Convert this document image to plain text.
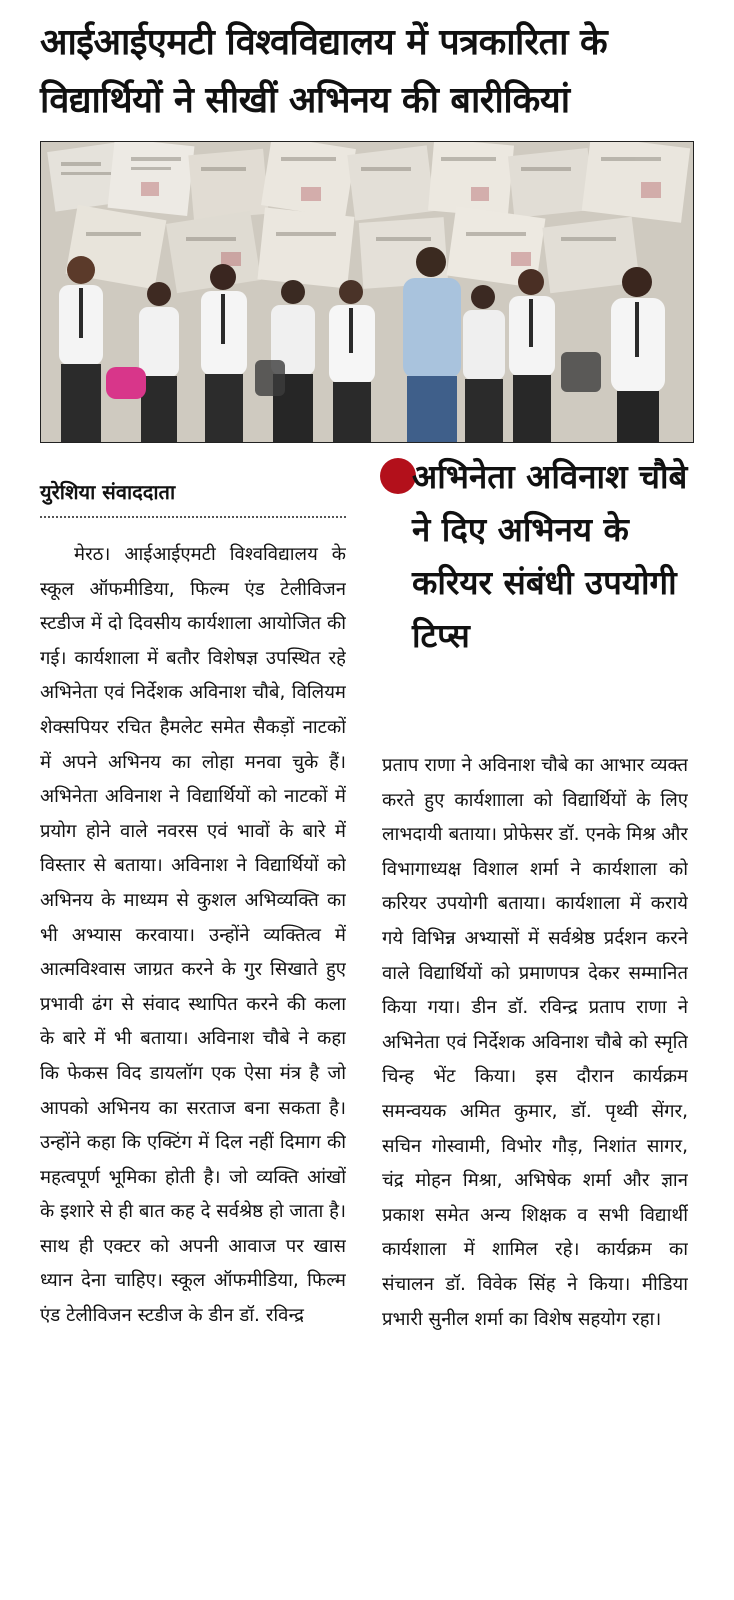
आईआईएमटी विश्वविद्यालय में पत्रकारिता के विद्यार्थियों ने सीखीं अभिनय की बारीकियां

युरेशिया संवाददाता	अभिनेता अविनाश चौबे ने दिए अभिनय के करियर संबंधी उपयोगी टिप्स

मेरठ। आईआईएमटी विश्वविद्यालय के स्कूल ऑफमीडिया, फिल्म एंड टेलीविजन स्टडीज में दो दिवसीय कार्यशाला आयोजित की गई। कार्यशाला में बतौर विशेषज्ञ उपस्थित रहे अभिनेता एवं निर्देशक अविनाश चौबे, विलियम शेक्सपियर रचित हैमलेट समेत सैकड़ों नाटकों में अपने अभिनय का लोहा मनवा चुके हैं। अभिनेता अविनाश ने विद्यार्थियों को नाटकों में प्रयोग होने वाले नवरस एवं भावों के बारे में विस्तार से बताया। अविनाश ने विद्यार्थियों को अभिनय के माध्यम से कुशल अभिव्यक्ति का भी अभ्यास करवाया। उन्होंने व्यक्तित्व में आत्मविश्वास जाग्रत करने के गुर सिखाते हुए प्रभावी ढंग से संवाद स्थापित करने की कला के बारे में भी बताया। अविनाश चौबे ने कहा कि फेकस विद डायलॉग एक ऐसा मंत्र है जो आपको अभिनय का सरताज बना सकता है। उन्होंने कहा कि एक्टिंग में दिल नहीं दिमाग की महत्वपूर्ण भूमिका होती है। जो व्यक्ति आंखों के इशारे से ही बात कह दे सर्वश्रेष्ठ हो जाता है। साथ ही एक्टर को अपनी आवाज पर खास ध्यान देना चाहिए। स्कूल ऑफमीडिया, फिल्म एंड टेलीविजन स्टडीज के डीन डॉ. रविन्द्र

प्रताप राणा ने अविनाश चौबे का आभार व्यक्त करते हुए कार्यशााला को विद्यार्थियों के लिए लाभदायी बताया। प्रोफेसर डॉ. एनके मिश्र और विभागाध्यक्ष विशाल शर्मा ने कार्यशाला को करियर उपयोगी बताया। कार्यशाला में कराये गये विभिन्न अभ्यासों में सर्वश्रेष्ठ प्रर्दशन करने वाले विद्यार्थियों को प्रमाणपत्र देकर सम्मानित किया गया। डीन डॉ. रविन्द्र प्रताप राणा ने अभिनेता एवं निर्देशक अविनाश चौबे को स्मृति चिन्ह भेंट किया। इस दौरान कार्यक्रम समन्वयक अमित कुमार, डॉ. पृथ्वी सेंगर, सचिन गोस्वामी, विभोर गौड़, निशांत सागर, चंद्र मोहन मिश्रा, अभिषेक शर्मा और ज्ञान प्रकाश समेत अन्य शिक्षक व सभी विद्यार्थी कार्यशाला में शामिल रहे। कार्यक्रम का संचालन डॉ. विवेक सिंह ने किया। मीडिया प्रभारी सुनील शर्मा का विशेष सहयोग रहा।
